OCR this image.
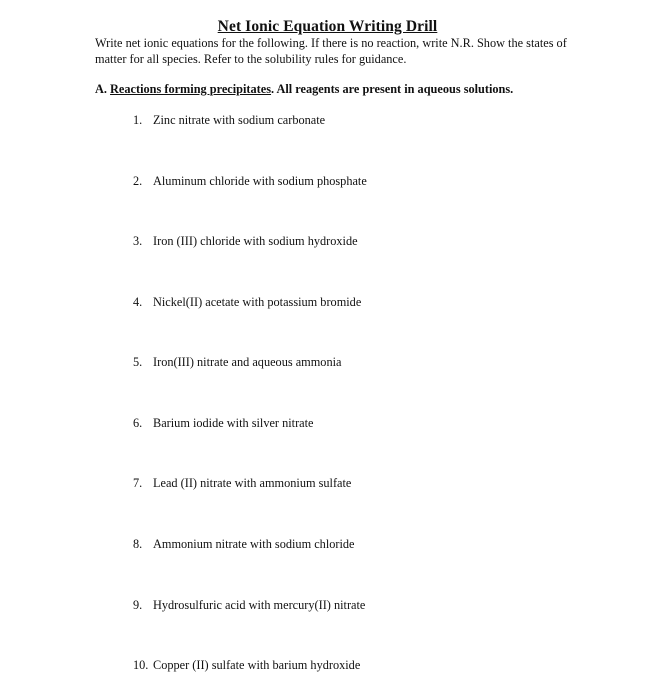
Net Ionic Equation Writing Drill

Write net ionic equations for the following. If there is no reaction, write N.R. Show the states of matter for all species. Refer to the solubility rules for guidance.

A. Reactions forming precipitates. All reagents are present in aqueous solutions.

1. Zinc nitrate with sodium carbonate

2. Aluminum chloride with sodium phosphate

3. Iron (III) chloride with sodium hydroxide

4. Nickel(II) acetate with potassium bromide

5. Iron(III) nitrate and aqueous ammonia

6. Barium iodide with silver nitrate

7. Lead (II) nitrate with ammonium sulfate

8. Ammonium nitrate with sodium chloride

9. Hydrosulfuric acid with mercury(II) nitrate

10. Copper (II) sulfate with barium hydroxide
